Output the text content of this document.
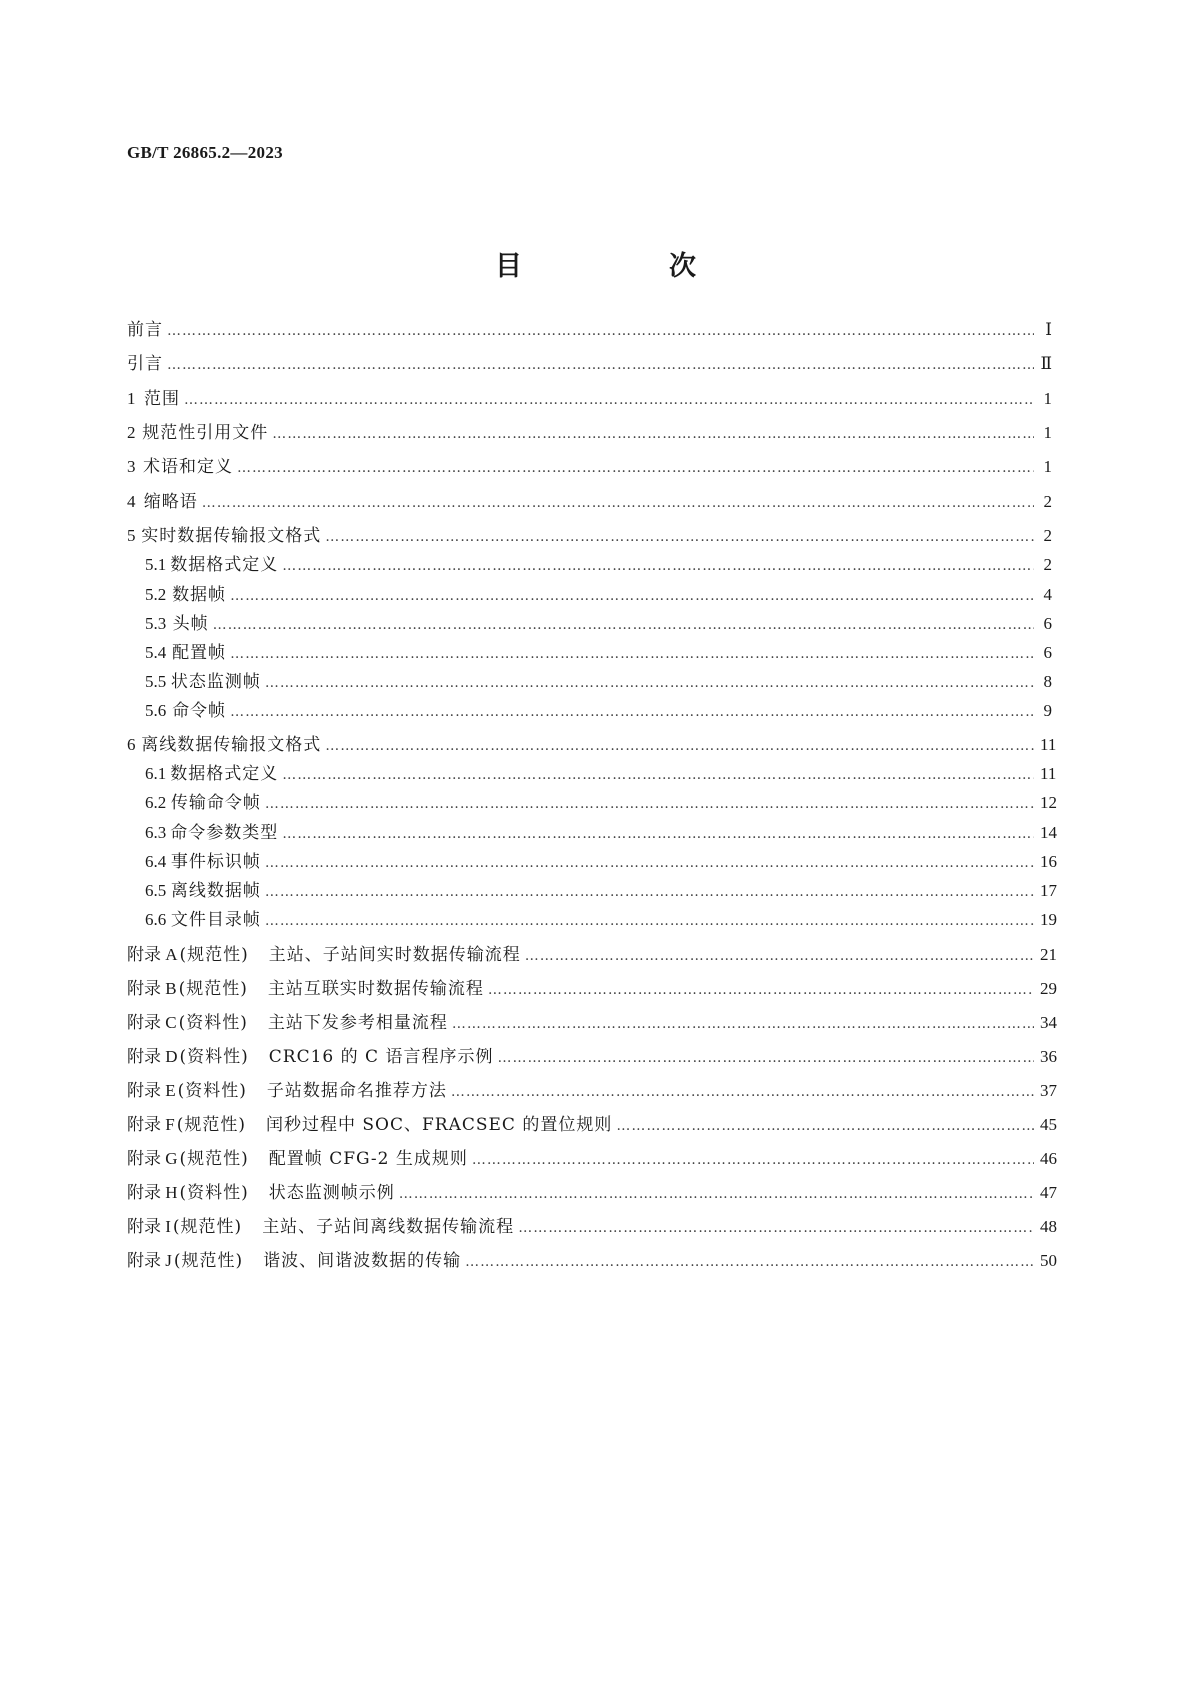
GB/T 26865.2—2023
目　次
前言 …………………………………………………………………………………………………………………………………………………………………………………………………………………………………………………………………………………	Ⅰ
引言 …………………………………………………………………………………………………………………………………………………………………………………………………………………………………………………………………………………	Ⅱ
1 范围 …………………………………………………………………………………………………………………………………………………………………………………………………………………………………………………………………………………	1
2 规范性引用文件 …………………………………………………………………………………………………………………………………………………………………………………………………………………………………………………………………………………	1
3 术语和定义 …………………………………………………………………………………………………………………………………………………………………………………………………………………………………………………………………………………	1
4 缩略语 …………………………………………………………………………………………………………………………………………………………………………………………………………………………………………………………………………………	2
5 实时数据传输报文格式 …………………………………………………………………………………………………………………………………………………………………………………………………………………………………………………………………………………	2
5.1 数据格式定义 …………………………………………………………………………………………………………………………………………………………………………………………………………………………………………………………………………………	2
5.2 数据帧 …………………………………………………………………………………………………………………………………………………………………………………………………………………………………………………………………………………	4
5.3 头帧 …………………………………………………………………………………………………………………………………………………………………………………………………………………………………………………………………………………	6
5.4 配置帧 …………………………………………………………………………………………………………………………………………………………………………………………………………………………………………………………………………………	6
5.5 状态监测帧 …………………………………………………………………………………………………………………………………………………………………………………………………………………………………………………………………………………	8
5.6 命令帧 …………………………………………………………………………………………………………………………………………………………………………………………………………………………………………………………………………………	9
6 离线数据传输报文格式 …………………………………………………………………………………………………………………………………………………………………………………………………………………………………………………………………………………	11
6.1 数据格式定义 …………………………………………………………………………………………………………………………………………………………………………………………………………………………………………………………………………………	11
6.2 传输命令帧 …………………………………………………………………………………………………………………………………………………………………………………………………………………………………………………………………………………	12
6.3 命令参数类型 …………………………………………………………………………………………………………………………………………………………………………………………………………………………………………………………………………………	14
6.4 事件标识帧 …………………………………………………………………………………………………………………………………………………………………………………………………………………………………………………………………………………	16
6.5 离线数据帧 …………………………………………………………………………………………………………………………………………………………………………………………………………………………………………………………………………………	17
6.6 文件目录帧 …………………………………………………………………………………………………………………………………………………………………………………………………………………………………………………………………………………	19
附录 A (规范性)	主站、子站间实时数据传输流程 …………………………………………………………………………………………………………………………………………………………………………………………………………………………………………………………………………………	21
附录 B (规范性)	主站互联实时数据传输流程 …………………………………………………………………………………………………………………………………………………………………………………………………………………………………………………………………………………	29
附录 C (资料性)	主站下发参考相量流程 …………………………………………………………………………………………………………………………………………………………………………………………………………………………………………………………………………………	34
附录 D (资料性)	CRC16 的 C 语言程序示例 …………………………………………………………………………………………………………………………………………………………………………………………………………………………………………………………………………………	36
附录 E (资料性)	子站数据命名推荐方法 …………………………………………………………………………………………………………………………………………………………………………………………………………………………………………………………………………………	37
附录 F (规范性)	闰秒过程中 SOC、FRACSEC 的置位规则 …………………………………………………………………………………………………………………………………………………………………………………………………………………………………………………………………………………	45
附录 G (规范性)	配置帧 CFG-2 生成规则 …………………………………………………………………………………………………………………………………………………………………………………………………………………………………………………………………………………	46
附录 H (资料性)	状态监测帧示例 …………………………………………………………………………………………………………………………………………………………………………………………………………………………………………………………………………………	47
附录 I (规范性)	主站、子站间离线数据传输流程 …………………………………………………………………………………………………………………………………………………………………………………………………………………………………………………………………………………	48
附录 J (规范性)	谐波、间谐波数据的传输 …………………………………………………………………………………………………………………………………………………………………………………………………………………………………………………………………………………	50
